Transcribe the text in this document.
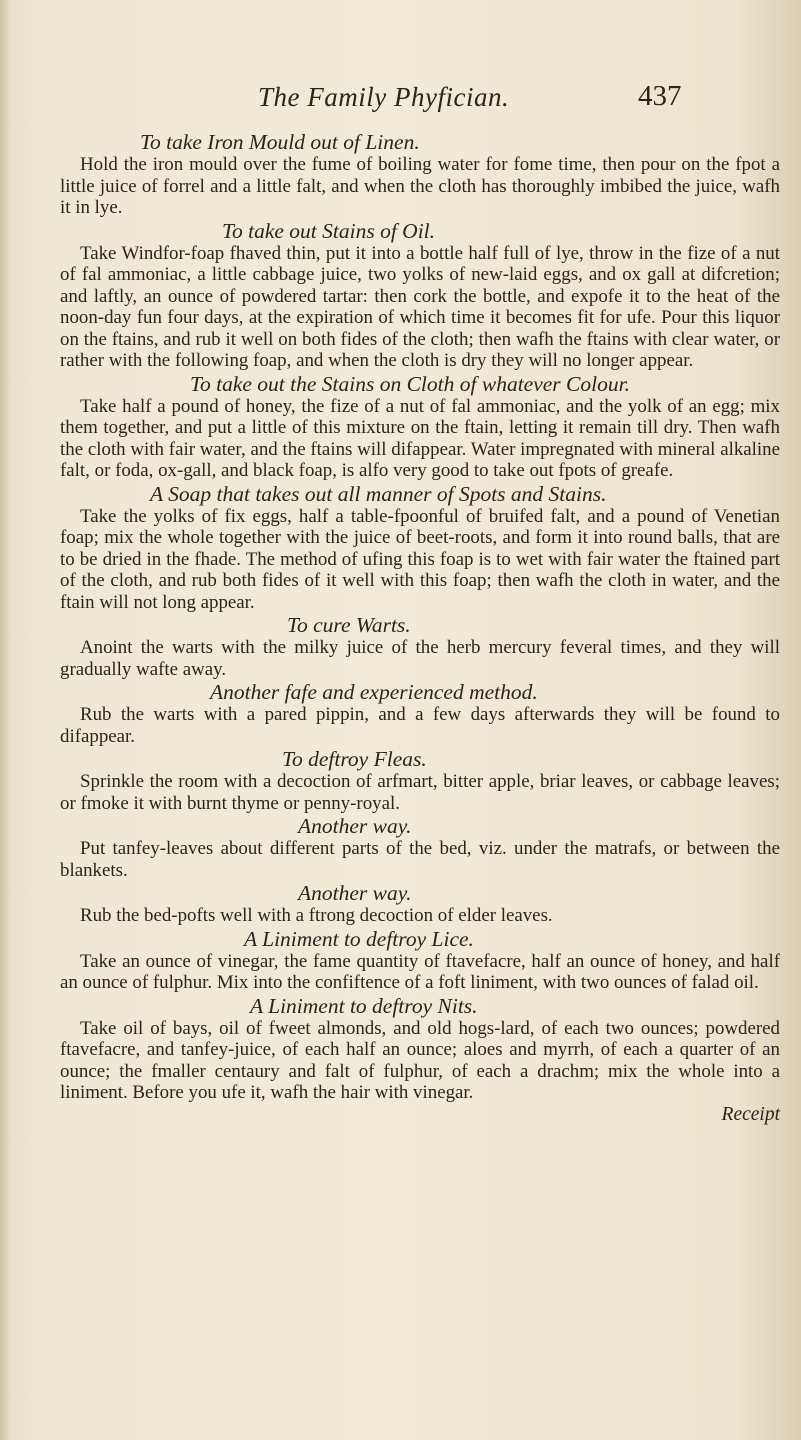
The Family Phyfician.	437
To take Iron Mould out of Linen.

Hold the iron mould over the fume of boiling water for fome time, then pour on the fpot a little juice of forrel and a little falt, and when the cloth has thoroughly imbibed the juice, wafh it in lye.

To take out Stains of Oil.

Take Windfor-foap fhaved thin, put it into a bottle half full of lye, throw in the fize of a nut of fal ammoniac, a little cabbage juice, two yolks of new-laid eggs, and ox gall at difcretion; and laftly, an ounce of powdered tartar: then cork the bottle, and expofe it to the heat of the noon-day fun four days, at the expiration of which time it becomes fit for ufe. Pour this liquor on the ftains, and rub it well on both fides of the cloth; then wafh the ftains with clear water, or rather with the following foap, and when the cloth is dry they will no longer appear.

To take out the Stains on Cloth of whatever Colour.

Take half a pound of honey, the fize of a nut of fal ammoniac, and the yolk of an egg; mix them together, and put a little of this mixture on the ftain, letting it remain till dry. Then wafh the cloth with fair water, and the ftains will difappear. Water impregnated with mineral alkaline falt, or foda, ox-gall, and black foap, is alfo very good to take out fpots of greafe.

A Soap that takes out all manner of Spots and Stains.

Take the yolks of fix eggs, half a table-fpoonful of bruifed falt, and a pound of Venetian foap; mix the whole together with the juice of beet-roots, and form it into round balls, that are to be dried in the fhade. The method of ufing this foap is to wet with fair water the ftained part of the cloth, and rub both fides of it well with this foap; then wafh the cloth in water, and the ftain will not long appear.

To cure Warts.

Anoint the warts with the milky juice of the herb mercury feveral times, and they will gradually wafte away.

Another fafe and experienced method.

Rub the warts with a pared pippin, and a few days afterwards they will be found to difappear.

To deftroy Fleas.

Sprinkle the room with a decoction of arfmart, bitter apple, briar leaves, or cabbage leaves; or fmoke it with burnt thyme or penny-royal.

Another way.

Put tanfey-leaves about different parts of the bed, viz. under the matrafs, or between the blankets.

Another way.

Rub the bed-pofts well with a ftrong decoction of elder leaves.

A Liniment to deftroy Lice.

Take an ounce of vinegar, the fame quantity of ftavefacre, half an ounce of honey, and half an ounce of fulphur. Mix into the confiftence of a foft liniment, with two ounces of falad oil.

A Liniment to deftroy Nits.

Take oil of bays, oil of fweet almonds, and old hogs-lard, of each two ounces; powdered ftavefacre, and tanfey-juice, of each half an ounce; aloes and myrrh, of each a quarter of an ounce; the fmaller centaury and falt of fulphur, of each a drachm; mix the whole into a liniment. Before you ufe it, wafh the hair with vinegar.

Receipt
